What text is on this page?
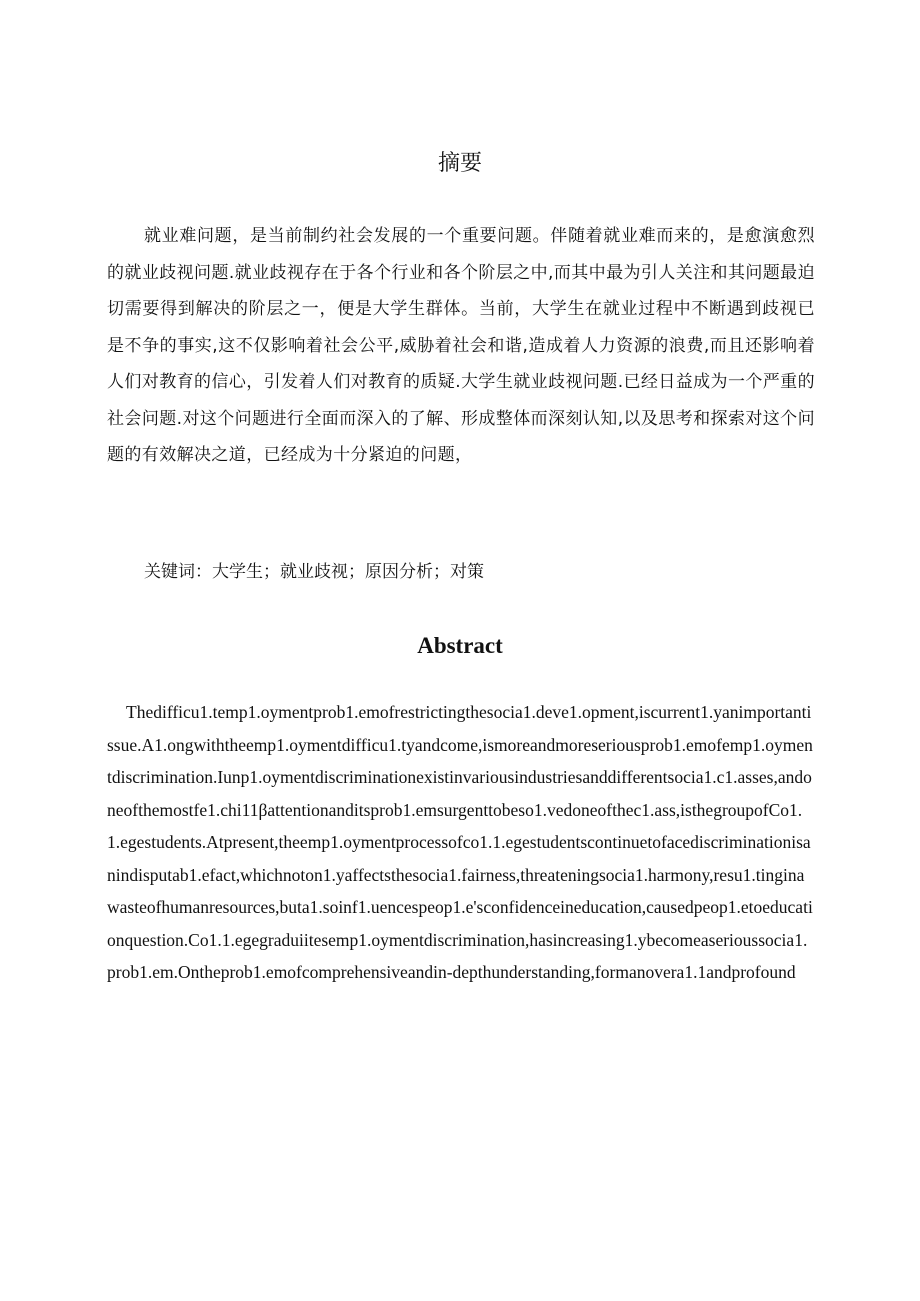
摘要

就业难问题，是当前制约社会发展的一个重要问题。伴随着就业难而来的，是愈演愈烈的就业歧视问题.就业歧视存在于各个行业和各个阶层之中,而其中最为引人关注和其问题最迫切需要得到解决的阶层之一，便是大学生群体。当前，大学生在就业过程中不断遇到歧视已是不争的事实,这不仅影响着社会公平,威胁着社会和谐,造成着人力资源的浪费,而且还影响着人们对教育的信心，引发着人们对教育的质疑.大学生就业歧视问题.已经日益成为一个严重的社会问题.对这个问题进行全面而深入的了解、形成整体而深刻认知,以及思考和探索对这个问题的有效解决之道，已经成为十分紧迫的问题，

关键词：大学生；就业歧视；原因分析；对策

Abstract

Thedifficu1.temp1.oymentprob1.emofrestrictingthesocia1.deve1.opment,iscurrent1.yanimportantissue.A1.ongwiththeemp1.oymentdifficu1.tyandcome,ismoreandmoreseriousprob1.emofemp1.oymentdiscrimination.Iunp1.oymentdiscriminationexistinvariousindustriesanddifferentsocia1.c1.asses,andoneofthemostfe1.chi11βattentionanditsprob1.emsurgenttobeso1.vedoneofthec1.ass,isthegroupofCo1.1.egestudents.Atpresent,theemp1.oymentprocessofco1.1.egestudentscontinuetofacediscriminationisanindisputab1.efact,whichnoton1.yaffectsthesocia1.fairness,threateningsocia1.harmony,resu1.tinginawasteofhumanresources,buta1.soinf1.uencespeop1.e'sconfidenceineducation,causedpeop1.etoeducationquestion.Co1.1.egegraduiitesemp1.oymentdiscrimination,hasincreasing1.ybecomeaserioussocia1.prob1.em.Ontheprob1.emofcomprehensiveandin-depthunderstanding,formanovera1.1andprofound
